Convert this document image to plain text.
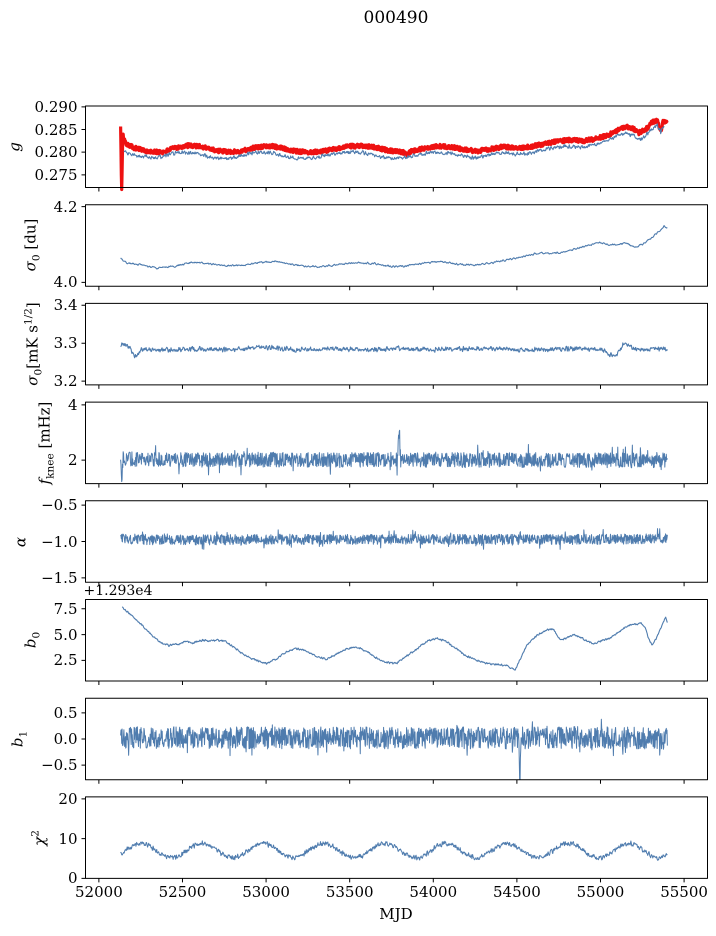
000490
0.275
0.280
0.285
0.290
g
4.0
4.2
$\sigma_0$ [du]
3.2
3.3
3.4
$\sigma_0[mK$ $s^{1/2}$]
2
4
$f_{knee}$ [mHz]
−0.5
−1.0
−1.5
α
2.5
5.0
7.5
$b_0$
+1.293e4
0.5
0.0
−0.5
$b_1$
0
10
20
$\chi^2$
52000	52500	53000	53500	54000	54500	55000	55500
MJD
